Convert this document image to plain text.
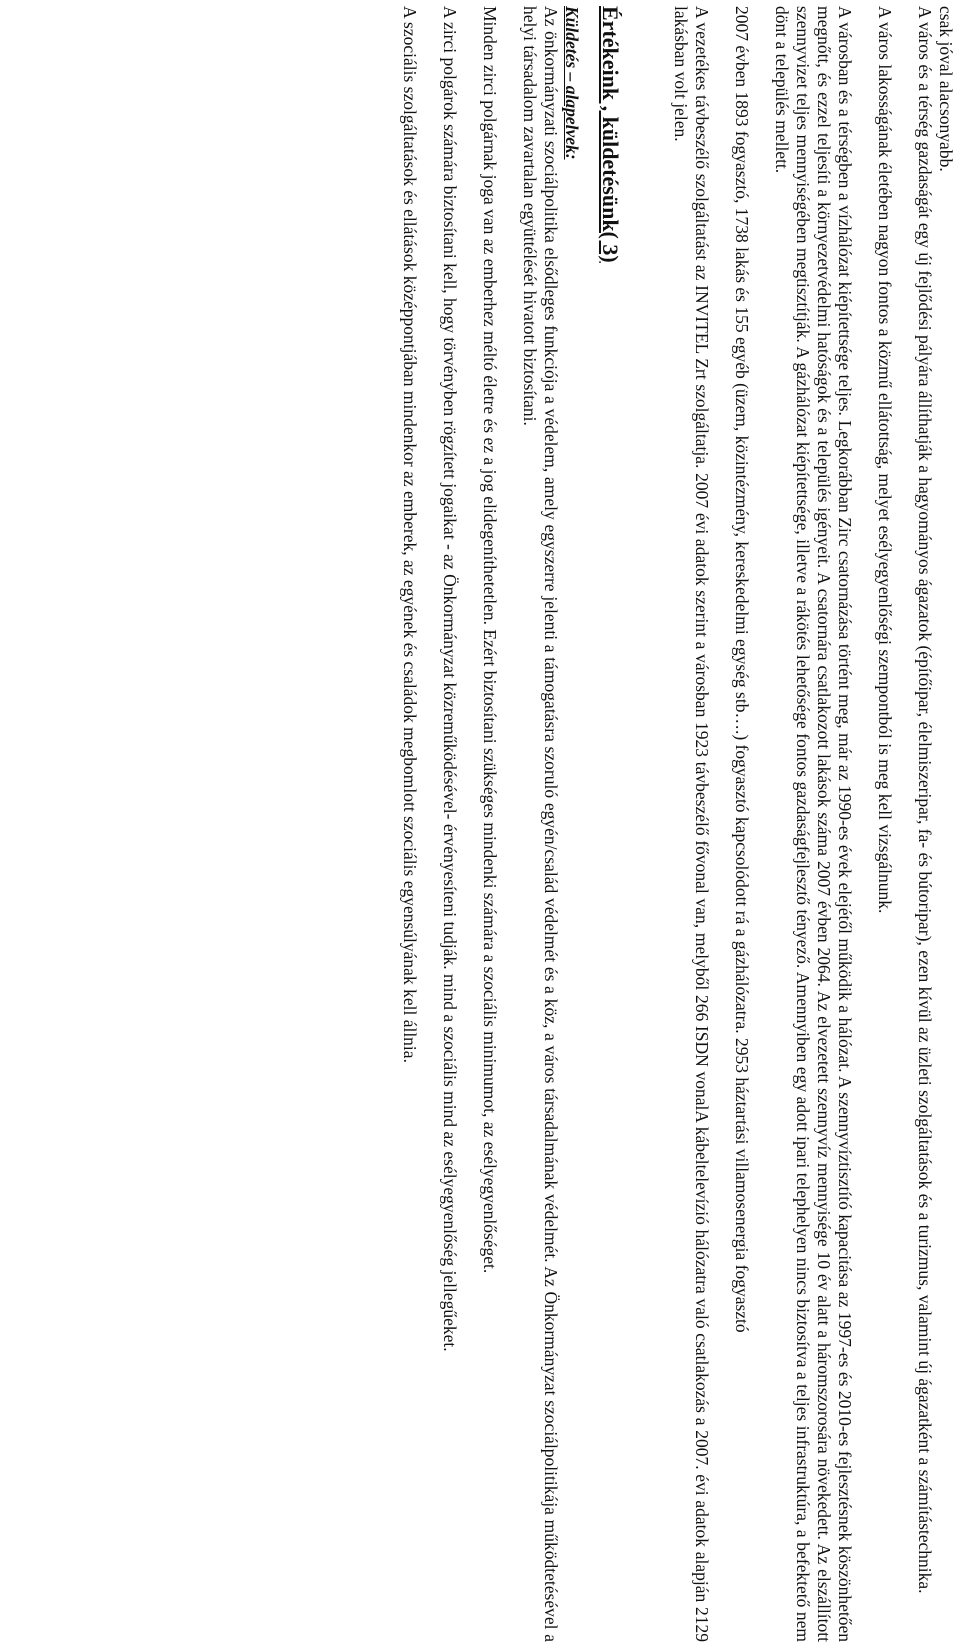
csak jóval alacsonyabb.

A város és a térség gazdaságát egy új fejlődési pályára állíthatják a hagyományos ágazatok (építőipar, élelmiszeripar, fa- és bútoripar), ezen kívül az üzleti szolgáltatások és a turizmus, valamint új ágazatként a számítástechnika.

A város lakosságának életében nagyon fontos a közmű ellátottság, melyet esélyegyenlőségi szempontból is meg kell vizsgálnunk.

A városban és a térségben a vízhálózat kiépítettsége teljes. Legkorábban Zirc csatornázása történt meg, már az 1990-es évek elejétől működik a hálózat. A szennyvíztisztító kapacitása az 1997-es és 2010-es fejlesztésnek köszönhetően megnőtt, és ezzel teljesíti a környezetvédelmi hatóságok és a település igényeit. A csatornára csatlakozott lakások száma 2007 évben 2064. Az elvezetett szennyvíz mennyisége 10 év alatt a háromszorosára növekedett. Az elszállított szennyvizet teljes mennyiségében megtisztítják. A gázhálózat kiépítettsége, illetve a rákötés lehetősége fontos gazdaságfejlesztő tényező. Amennyiben egy adott ipari telephelyen nincs biztosítva a teljes infrastruktúra, a befektető nem dönt a település mellett.

2007 évben 1893 fogyasztó, 1738 lakás és 155 egyéb (üzem, közintézmény, kereskedelmi egység stb….) fogyasztó kapcsolódott rá a gázhálózatra. 2953 háztartási villamosenergia fogyasztó

A vezetékes távbeszélő szolgáltatást az INVITEL Zrt szolgáltatja. 2007 évi adatok szerint a városban 1923 távbeszélő fővonal van, melyből 266 ISDN vonalA kábeltelevízió hálózatra való csatlakozás a 2007. évi adatok alapján 2129 lakásban volt jelen.

Értékeink , küldetésünk( 3)

Küldetés – alapelvek:

Az önkormányzati szociálpolitika elsődleges funkciója a védelem, amely egyszerre jelenti a támogatásra szoruló egyén/család védelmét és a köz, a város társadalmának védelmét. Az Önkormányzat szociálpolitikája működtetésével a helyi társadalom zavartalan együttélését hivatott biztosítani.

Minden zirci polgárnak joga van az emberhez méltó életre és ez a jog elidegeníthetetlen. Ezért biztosítani szükséges mindenki számára a szociális minimumot, az esélyegyenlőséget.

A zirci polgárok számára biztosítani kell, hogy törvényben rögzített jogaikat - az Önkormányzat közreműködésével- érvényesíteni tudják. mind a szociális mind az esélyegyenlőség jellegűeket.

A szociális szolgáltatások és ellátások középpontjában mindenkor az emberek, az egyének és családok megbomlott szociális egyensúlyának kell állnia.
